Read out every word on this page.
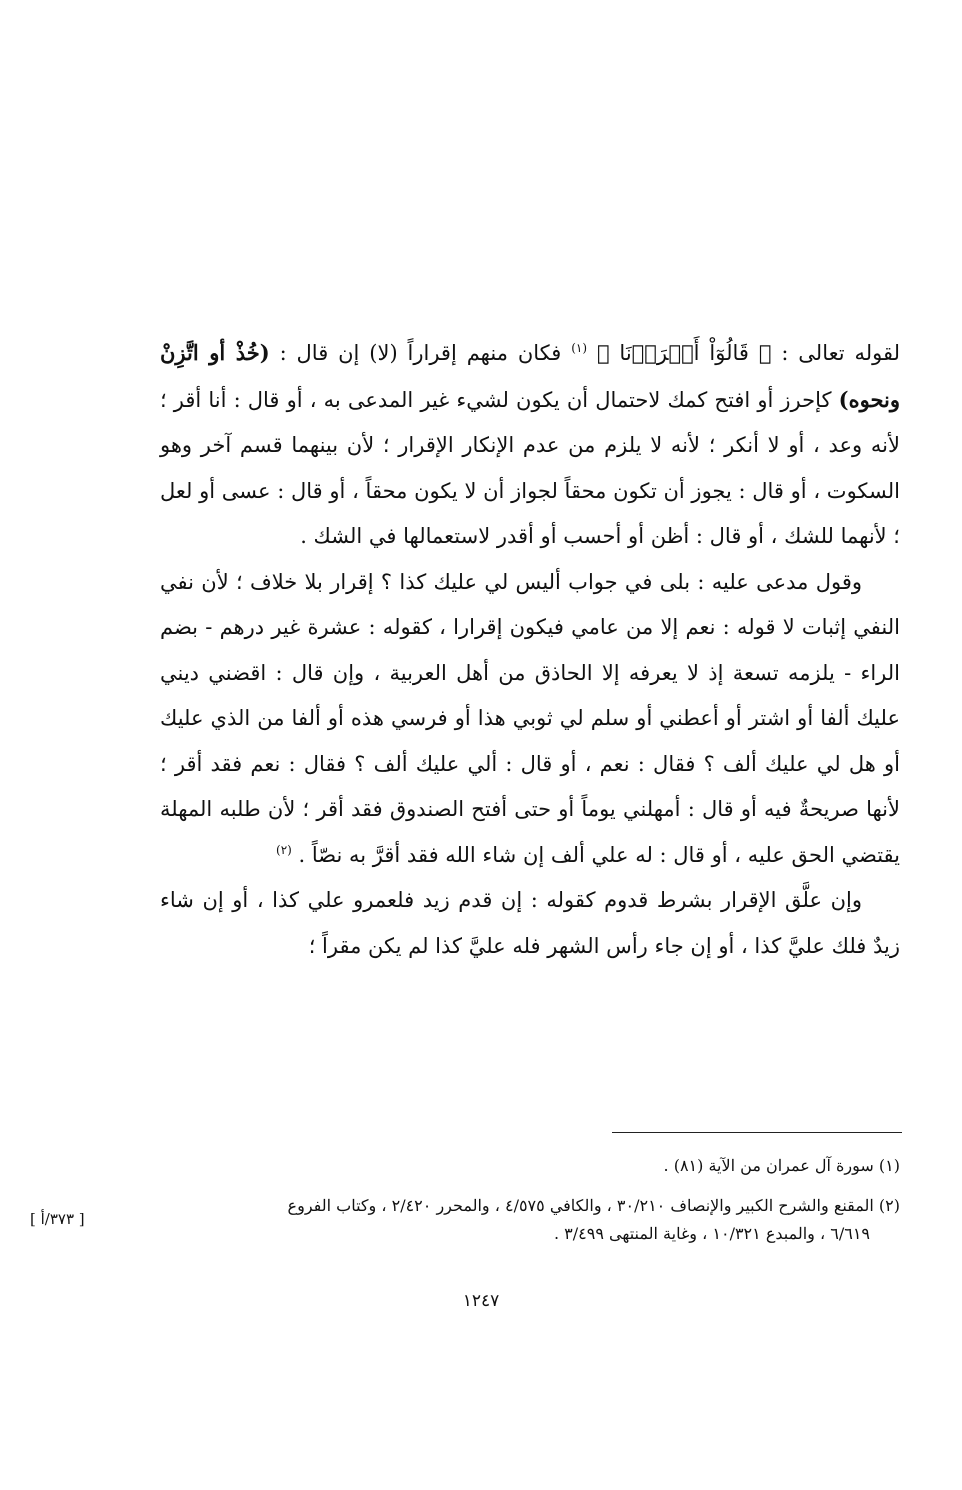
لقوله تعالى : ﴿ قَالُوٓاْ أَقۡرَرۡنَا ﴾ $^{(١)}$ فكان منهم إقراراً (لا) إن قال : (خُذْ أو اتَّزِنْ ونحوه) كإحرز أو افتح كمك لاحتمال أن يكون لشيء غير المدعى به ، أو قال : أنا أقر ؛ لأنه وعد ، أو لا أنكر ؛ لأنه لا يلزم من عدم الإنكار الإقرار ؛ لأن بينهما قسم آخر وهو السكوت ، أو قال : يجوز أن تكون محقاً لجواز أن لا يكون محقاً ، أو قال : عسى أو لعل ؛ لأنهما للشك ، أو قال : أظن أو أحسب أو أقدر لاستعمالها في الشك .

وقول مدعى عليه : بلى في جواب أليس لي عليك كذا ؟ إقرار بلا خلاف ؛ لأن نفي النفي إثبات لا قوله : نعم إلا من عامي فيكون إقرارا ، كقوله : عشرة غير درهم - بضم الراء - يلزمه تسعة إذ لا يعرفه إلا الحاذق من أهل العربية ، وإن قال : اقضني ديني عليك ألفا أو اشتر أو أعطني أو سلم لي ثوبي هذا أو فرسي هذه أو ألفا من الذي عليك أو هل لي عليك ألف ؟ فقال : نعم ، أو قال : ألي عليك ألف ؟ فقال : نعم فقد أقر ؛ لأنها صريحةٌ فيه أو قال : أمهلني يوماً أو حتى أفتح الصندوق فقد أقر ؛ لأن طلبه المهلة يقتضي الحق عليه ، أو قال : له علي ألف إن شاء الله فقد أقرَّ به نصّاً . $^{(٢)}$

وإن علَّق الإقرار بشرط قدوم كقوله : إن قدم زيد فلعمرو علي كذا ، أو إن شاء زيدٌ فلك عليَّ كذا ، أو إن جاء رأس الشهر فله عليَّ كذا لم يكن مقراً ؛

(١) سورة آل عمران من الآية (٨١) .

(٢) المقنع والشرح الكبير والإنصاف ٣٠/٢١٠ ، والكافي ٤/٥٧٥ ، والمحرر ٢/٤٢٠ ، وكتاب الفروع

٦/٦١٩ ، والمبدع ١٠/٣٢١ ، وغاية المنتهى ٣/٤٩٩ .

[ ٣٧٣/أ ]
١٢٤٧
